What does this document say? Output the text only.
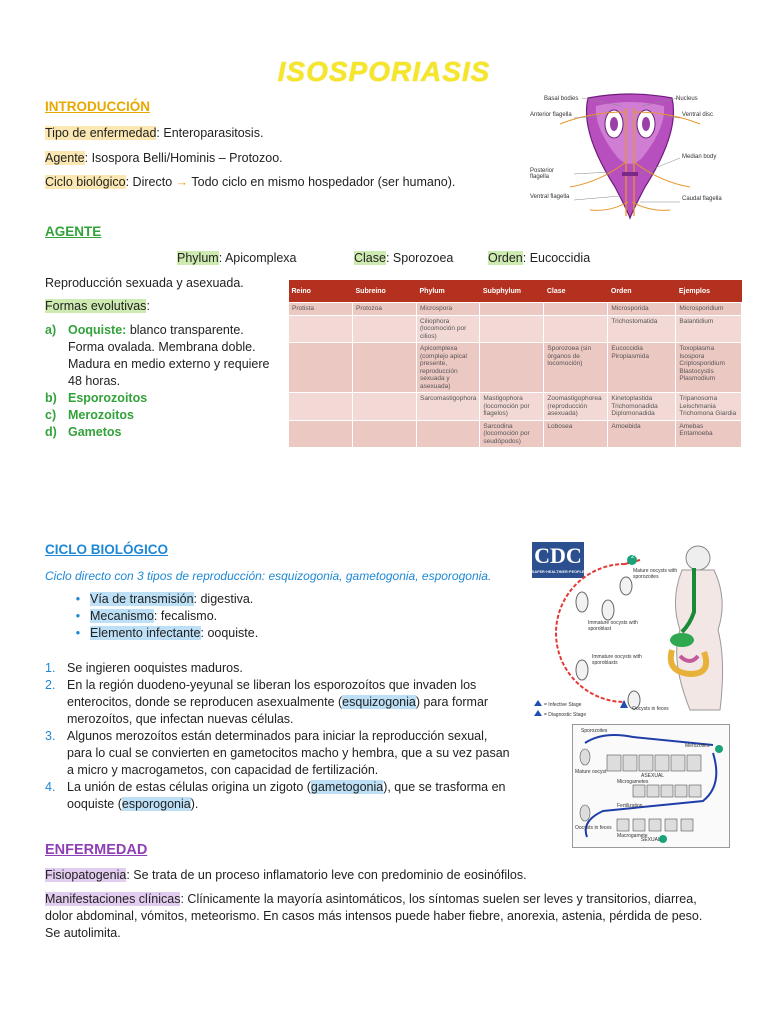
ISOSPORIASIS
INTRODUCCIÓN
Tipo de enfermedad: Enteroparasitosis.
Agente: Isospora Belli/Hominis – Protozoo.
Ciclo biológico: Directo → Todo ciclo en mismo hospedador (ser humano).
Basal bodies	Nucleus
Anterior flagella	Ventral disc
Median body
Posterior flagella
Ventral flagella	Caudal flagella
AGENTE
Phylum: Apicomplexa	Clase: Sporozoea	Orden: Eucoccidia
Reproducción sexuada y asexuada.
Formas evolutivas:
a) Ooquiste: blanco transparente.
Forma ovalada. Membrana doble.
Madura en medio externo y requiere
48 horas.
b) Esporozoitos
c) Merozoitos
d) Gametos
Reino	Subreino	Phylum	Subphylum	Clase	Orden	Ejemplos
Protista	Protozoa	Microspora			Microsporida	Microsporidium
		Ciliophora (locomoción por cilios)			Trichostomatida	Balantidium
		Apicomplexa (complejo apical presente, reproducción sexuada y asexuada)		Sporozoea (sin órganos de locomoción)	Eucoccidia Piroplasmida	Toxoplasma Isospora Criptosporidium Blastocystis Plasmodium
		Sarcomastigophora	Mastigophora (locomoción por flagelos)	Zoomastigophorea (reproducción asexuada)	Kinetoplastida Trichomonadida Diplomonadida	Tripanosoma Leischmania Trichomona Giardia
			Sarcodina (locomoción por seudópodos)	Lobosea	Amoebida	Amebas Entamoeba
CICLO BIOLÓGICO
Ciclo directo con 3 tipos de reproducción: esquizogonia, gametogonia, esporogonia.
• Vía de transmisión: digestiva.
• Mecanismo: fecalismo.
• Elemento infectante: ooquiste.
1. Se ingieren ooquistes maduros.
2. En la región duodeno-yeyunal se liberan los esporozoítos que invaden los
enterocitos, donde se reproducen asexualmente (esquizogonia) para formar
merozoítos, que infectan nuevas células.
3. Algunos merozoítos están determinados para iniciar la reproducción sexual,
para lo cual se convierten en gametocitos macho y hembra, que a su vez pasan
a micro y macrogametos, con capacidad de fertilización.
4. La unión de estas células origina un zigoto (gametogonia), que se trasforma en
ooquiste (esporogonia).
CDC
SAFER·HEALTHIER·PEOPLE
2
Mature oocysts with sporozoites
Immature oocysts with sporoblast
Immature oocysts with sporoblasts
Oocysts in feces
= Infective Stage
= Diagnostic Stage
Sporozoites
Mature oocyst
ASEXUAL
Merozoites
Microgametes
Fertilization
Oocysts in feces
Macrogamete
SEXUAL
ENFERMEDAD
Fisiopatogenia: Se trata de un proceso inflamatorio leve con predominio de eosinófilos.
Manifestaciones clínicas: Clínicamente la mayoría asintomáticos, los síntomas suelen ser leves y transitorios, diarrea,
dolor abdominal, vómitos, meteorismo. En casos más intensos puede haber fiebre, anorexia, astenia, pérdida de peso.
Se autolimita.
